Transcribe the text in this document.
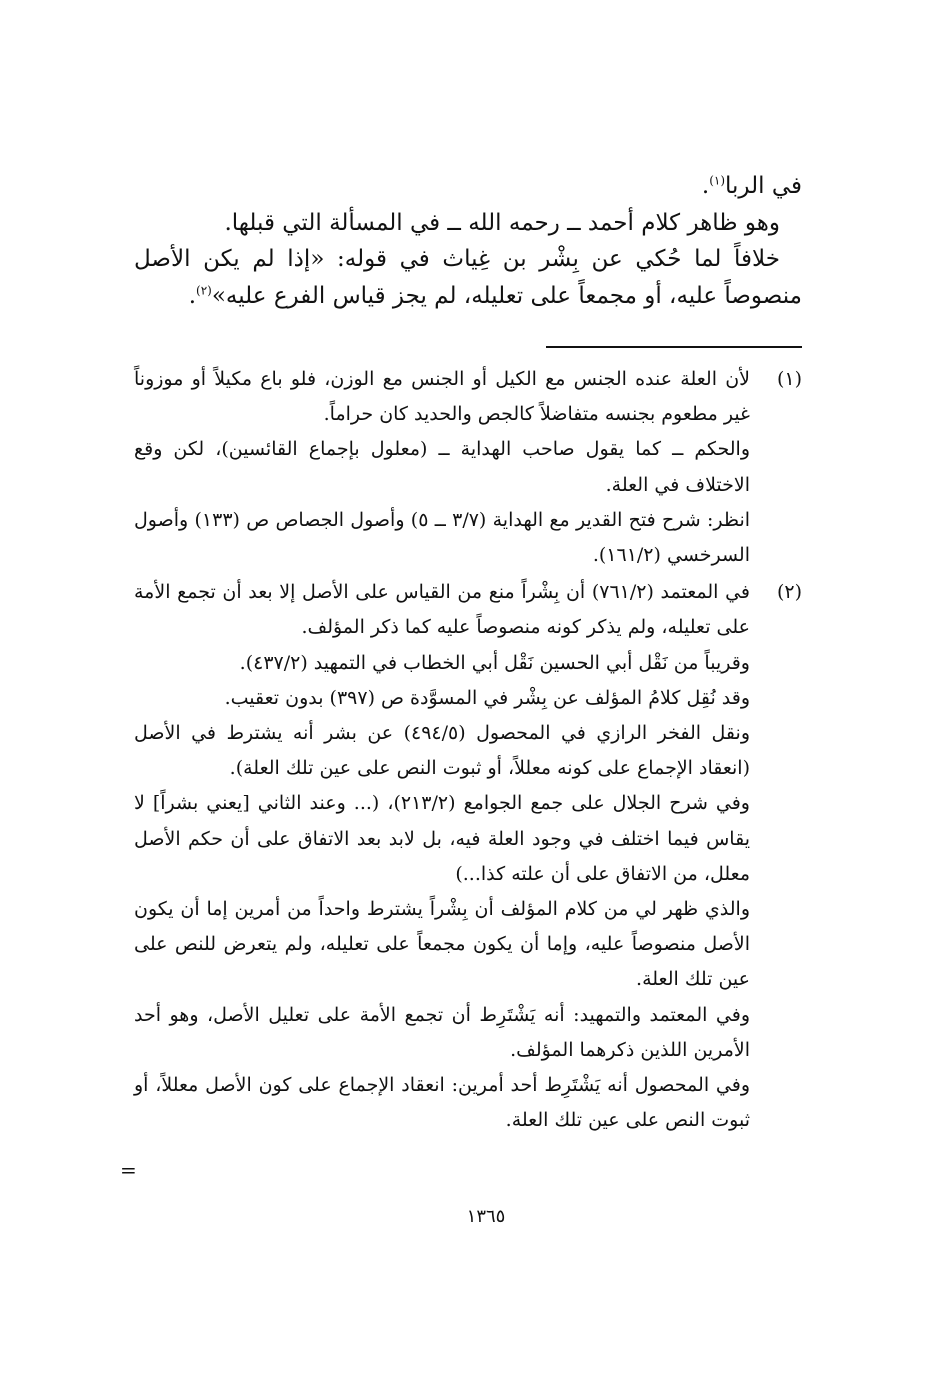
في الربا$^{(١)}$.

وهو ظاهر كلام أحمد ــ رحمه الله ــ في المسألة التي قبلها.

خلافاً لما حُكي عن بِشْر بن غِياث في قوله: «إذا لم يكن الأصل منصوصاً عليه، أو مجمعاً على تعليله، لم يجز قياس الفرع عليه»$^{(٢)}$.

(١)

لأن العلة عنده الجنس مع الكيل أو الجنس مع الوزن، فلو باع مكيلاً أو موزوناً غير مطعوم بجنسه متفاضلاً كالجص والحديد كان حراماً.

والحكم ــ كما يقول صاحب الهداية ــ (معلول بإجماع القائسين)، لكن وقع الاختلاف في العلة.

انظر: شرح فتح القدير مع الهداية (٣/٧ ــ ٥) وأصول الجصاص ص (١٣٣) وأصول السرخسي (١٦١/٢).

(٢)

في المعتمد (٧٦١/٢) أن بِشْراً منع من القياس على الأصل إلا بعد أن تجمع الأمة على تعليله، ولم يذكر كونه منصوصاً عليه كما ذكر المؤلف.

وقريباً من نَقْل أبي الحسين نَقْل أبي الخطاب في التمهيد (٤٣٧/٢).

وقد نُقِل كلامُ المؤلف عن بِشْر في المسوَّدة ص (٣٩٧) بدون تعقيب.

ونقل الفخر الرازي في المحصول (٤٩٤/٥) عن بشر أنه يشترط في الأصل (انعقاد الإجماع على كونه معللاً، أو ثبوت النص على عين تلك العلة).

وفي شرح الجلال على جمع الجوامع (٢١٣/٢)، (... وعند الثاني [يعني بشراً] لا يقاس فيما اختلف في وجود العلة فيه، بل لابد بعد الاتفاق على أن حكم الأصل معلل، من الاتفاق على أن علته كذا...)

والذي ظهر لي من كلام المؤلف أن بِشْراً يشترط واحداً من أمرين إما أن يكون الأصل منصوصاً عليه، وإما أن يكون مجمعاً على تعليله، ولم يتعرض للنص على عين تلك العلة.

وفي المعتمد والتمهيد: أنه يَشْتَرِط أن تجمع الأمة على تعليل الأصل، وهو أحد الأمرين اللذين ذكرهما المؤلف.

وفي المحصول أنه يَشْتَرِط أحد أمرين: انعقاد الإجماع على كون الأصل معللاً، أو ثبوت النص على عين تلك العلة.

=
١٣٦٥
